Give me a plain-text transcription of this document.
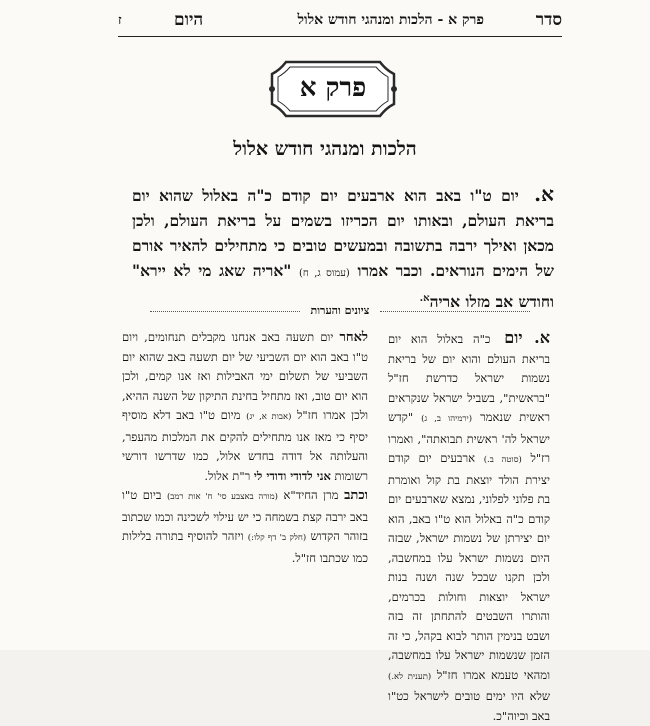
סדר
פרק א - הלכות ומנהגי חודש אלול
היום
ז
פרק א
הלכות ומנהגי חודש אלול
א. יום ט"ו באב הוא ארבעים יום קודם כ"ה באלול שהוא יום בריאת העולם, ובאותו יום הכריזו בשמים על בריאת העולם, ולכן מכאן ואילך ירבה בתשובה ובמעשים טובים כי מתחילים להאיר אורם של הימים הנוראים. וכבר אמרו (עמוס ג, ח) "אריה שאג מי לא יירא" וחודש אב מזלו אריה$^{א.}$
ציונים והערות
א. יום כ"ה באלול הוא יום בריאת העולם והוא יום של בריאת נשמות ישראל כדרשת חז"ל "בראשית", בשביל ישראל שנקראים ראשית שנאמר (ירמיהו ב, ג) "קדש ישראל לה' ראשית תבואתה", ואמרו רז"ל (סוטה ב.) ארבעים יום קודם יצירת הולד יוצאת בת קול ואומרת בת פלוני לפלוני, נמצא שארבעים יום קודם כ"ה באלול הוא ט"ו באב, הוא יום יצירתן של נשמות ישראל, שבזה היום נשמות ישראל עלו במחשבה, ולכן תקנו שבכל שנה ושנה בנות ישראל יוצאות וחולות בכרמים, והותרו השבטים להתחתן זה בזה ושבט בנימין הותר לבוא בקהל, כי זה הזמן שנשמות ישראל עלו במחשבה, ומהאי טעמא אמרו חז"ל (תענית לא.) שלא היו ימים טובים לישראל כט"ו באב וכיוה"כ.
לאחר יום תשעה באב אנחנו מקבלים תנחומים, ויום ט"ו באב הוא יום השביעי של יום תשעה באב שהוא יום השביעי של תשלום ימי האבילות ואז אנו קמים, ולכן הוא יום טוב, ואז מתחיל בחינת התיקון של השנה ההיא, ולכן אמרו חז"ל (אבות א, יג) מיום ט"ו באב דלא מוסיף יסיף כי מאז אנו מתחילים להקים את המלכות מהעפר, והעלותה אל דודה בחדש אלול, כמו שדרשו דורשי רשומות אני לדודי ודודי לי ר"ת אלול.
וכתב מרן החיד"א (מורה באצבע סי' ח' אות רמב) ביום ט"ו באב ירבה קצת בשמחה כי יש עילוי לשכינה וכמו שכתוב בזוהר הקדוש (חלק ב' דף קלו:) ויזהר להוסיף בתורה בלילות כמו שכתבו חז"ל.
